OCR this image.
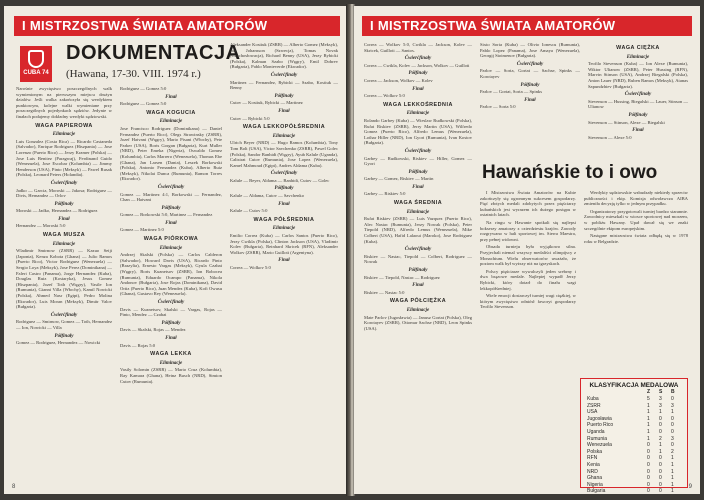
I MISTRZOSTWA ŚWIATA AMATORÓW
CUBA 74
DOKUMENTACJA
(Hawana, 17-30. VIII. 1974 r.)

Narośnie zwycięstwo poszczególnych walk wymienionym na pierwszym miejscu drużyn dzialów. Jeśli walka zakończyła się werdyktem punktowym, kolejne walki wymieniane przy poszczególnych pojedynkach sędziów. Jedynie w finałach podajemy dokładny werdykt sędziowski.

WAGA PAPIEROWA
Eliminacje

Luis Gonzalez (Costa Rica) — Ricardo Castaneda (Salvador), Enrique Rodriguez (Hiszpania) — Jose Lorenzo (Puerto Rico) — Jerzy Kramer (Polska) — Jose Luis Benitez (Paragwaj), Ferdinand Guido (Wenezuela), Jose Escobar (Kolumbia) — Jimmy Henderson (USA), Pinto (Meksyk) — Pawel Rusak (Polska), Leonard Peters (Holandia).

Ćwierćfinały

Jadko — Garcia, Moroski — Jakosa; Rodriguez — Divis, Hernandez — Orlov

Półfinały

Moroski — Jadko, Hernandez — Rodriguez

Finał

Hernandez — Moroski 5:0

WAGA MUSZA
Eliminacje

Wladimir Smirnow (ZSRR) — Kazuo Seiji (Japonia), Kenza Kobota (Ghana) — Julio Ramos (Puerto Rico), Victor Rodriguez (Wenezuela) — Sergio Loya (Meksyk), Jose Perez (Dominikana) — Faleri Castro (Panama), Jorge Hernandez (Kuba), Douglas Ruiz (Kostaryka), Jesus Gomez (Hiszpania), Jozef Toth (Węgry), Vasile Ion (Rumunia), Gianni Villa (Włochy), Kamil Nowicki (Polska), Ahmed Nasr (Egipt), Pedro Molina (Ekwador), Luis Moran (Meksyk), Dimitr Valov (Bułgaria).

Ćwierćfinały

Rodriguez — Smirnow, Gomez — Toth, Hernandez — Ion, Nowicki — Villa

Półfinały

Gomez — Rodriguez, Hernandez — Nowicki

Rodriguez — Gomez 5:0

Finał

Rodriguez — Gomez 5:0

WAGA KOGUCIA
Eliminacje

Jose Francisco Rodriguez (Dominikana) — Daniel Fernandez (Puerto Rico), Olegs Strawinsky (ZSRR), Jozef Hatvani (Węgry), Mario Pisani (Włochy), Pete Parker (USA), Boris Gorgan (Bułgaria), Kurt Muller (NRD), Peter Emeka (Nigeria), Oswaldo Gomez (Kolumbia), Carlos Marrero (Wenezuela), Thomas Ebe (Ghana), Jan Larsen (Dania), Leszek Borkowski (Polska), Antonio Fernandez (Kuba), Alberto Ruiz (Meksyk), Nikolai Dunca (Rumunia), Ramon Torres (Ekwador).

Ćwierćfinały

Gomez — Martinez 4:1, Borkowski — Fernandez, Chan — Hatvani

Półfinały

Gomez — Borkowski 5:0, Martinez — Fernandez

Finał

Gomez — Martinez 5:0

WAGA PIÓRKOWA
Eliminacje

Andrzej Skalski (Polska) — Carlos Calderon (Salwador), Howard Davis (USA), Ricardo Pinto (Brazylia), Ernesto Vargas (Meksyk), Gyula Czabai (Węgry), Boris Kuznetsov (ZSRR), Ion Bobocea (Rumunia), Eduardo Ocampo (Panama), Nikola Andonov (Bułgaria), Jose Rojas (Dominikana), David Ortiz (Puerto Rico), Juan Mendez (Kuba), Kofi Owusu (Ghana), Gustavo Rey (Wenezuela).

Ćwierćfinały

Davis — Kuznetsov, Skalski — Vargas, Rojas — Pinto, Mendez — Czabai

Półfinały

Davis — Skalski, Rojas — Mendez

Finał

Davis — Rojas 5:0

WAGA LEKKA
Eliminacje

Vasily Solomin (ZSRR) — Mario Cruz (Kolumbia), Ray Kamara (Ghana), Heinz Busch (NRD), Simion Cutov (Rumunia).

Aleksander Kostiuk (ZSRR) — Alberto Gomez (Meksyk), Jan Johansson (Szwecja), Tomas Novak (Czechosłowacja), Richard Benny (USA), Jerzy Rybicki (Polska), Kalman Szabo (Węgry), Emil Dobrev (Bułgaria), Pablo Monteverde (Ekwador).

Ćwierćfinały

Martinez — Fernandez, Rybicki — Szabo, Kostiuk — Benny

Półfinały

Cutov — Kostiuk, Rybicki — Martinez

Finał

Cutov — Rybicki 5:0

WAGA LEKKOPÓŁŚREDNIA
Eliminacje

Ulrich Beyer (NRD) — Hugo Ramos (Kolumbia), Tony Tom Bolt (USA), Victor Savchenko (ZSRR), Pawel Golec (Polska), Sandor Banhidi (Węgry), Ayub Kalule (Uganda), Calistrat Cutov (Rumunia), Jose Lopez (Wenezuela), Kamel Mahmoud (Egipt), Andres Aldama (Kuba).

Ćwierćfinały

Kalule — Beyer, Aldama — Banhidi, Cutov — Golec

Półfinały

Kalule — Aldama, Cutov — Savchenko

Finał

Kalule — Cutov 5:0

WAGA PÓŁŚREDNIA
Eliminacje

Emilio Correa (Kuba) — Carlos Santos (Puerto Rico), Jerzy Cwikla (Polska), Clinton Jackson (USA), Vladimir Kolev (Bułgaria), Reinhard Skricek (RFN), Aleksander Wolkov (ZSRR), Mario Guilloti (Argentyna).

Finał

Correa — Wolkov 5:0

8
I MISTRZOSTWA ŚWIATA AMATORÓW

Correa — Wolkov 5:0, Cwikla — Jackson, Kolev — Skricek, Guilloti — Santos.

Ćwierćfinały

Correa — Cwikla, Kolev — Jackson, Wolkov — Guilloti

Półfinały

Correa — Jackson, Wolkov — Kolev

Finał

Correa — Wolkov 5:0

WAGA LEKKOŚREDNIA
Eliminacje

Rolando Garbey (Kuba) — Wieslaw Rudkowski (Polska), Rufat Riskiev (ZSRR), Jerry Martin (USA), Wilfredo Gomez (Puerto Rico), Alfredo Lemus (Wenezuela), Lothar Hiller (NRD), Ion Gyori (Rumunia), Ivan Kostov (Bułgaria).

Ćwierćfinały

Garbey — Rudkowski, Riskiev — Hiller, Gomez — Gyori

Półfinały

Garbey — Gomez, Riskiev — Martin

Finał

Garbey — Riskiev 5:0

WAGA ŚREDNIA
Eliminacje

Rufat Riskiev (ZSRR) — Luis Vazquez (Puerto Rico), Alec Nastac (Rumunia), Jerzy Nowak (Polska), Peter Tiepold (NRD), Alfredo Lemus (Wenezuela), Mike Colbert (USA), Hafid Lalaoui (Maroko), Jose Rodriguez (Kuba).

Ćwierćfinały

Riskiev — Nastac, Tiepold — Colbert, Rodriguez — Nowak

Półfinały

Riskiev — Tiepold, Nastac — Rodriguez

Finał

Riskiev — Nastac 5:0

WAGA PÓŁCIĘŻKA
Eliminacje

Mate Parlov (Jugosławia) — Janusz Gortat (Polska), Oleg Korotayev (ZSRR), Ottomar Sachse (NRD), Leon Spinks (USA).

Sixto Soria (Kuba) — Olivio Ionescu (Rumunia), Pablo Lopez (Panama), Jose Amaya (Wenezuela), Georgij Stoimenov (Bułgaria).

Ćwierćfinały

Parlov — Soria, Gortat — Sachse, Spinks — Korotayev

Półfinały

Parlov — Gortat, Soria — Spinks

Finał

Parlov — Soria 5:0

WAGA CIĘŻKA
Eliminacje

Teofilo Stevenson (Kuba) — Ion Alexe (Rumunia), Wiktor Ulianow (ZSRR), Peter Hussing (RFN), Marvin Stinson (USA), Andrzej Biegalski (Polska), Anton Lauer (NRD), Ruben Ramos (Meksyk), Atanas Sapundzhiev (Bułgaria).

Ćwierćfinały

Stevenson — Hussing, Biegalski — Lauer, Stinson — Ulianow

Półfinały

Stevenson — Stinson, Alexe — Biegalski

Finał

Stevenson — Alexe 5:0

Hawańskie to i owo

I Mistrzostwa Świata Amatorów na Kubie zakończyły się ogromnym sukcesem gospodarzy. Pięć złotych medali zdobytych przez pięściarzy kubańskich jest wyrazem ich dużego postępu w ostatnich latach.

Na ringu w Hawanie spotkali się najlepsi bokserzy amatorzy z czterdziestu krajów. Zawody rozgrywano w hali sportowej im. Sierra Maestra, przy pełnej widowni.

Obsada turnieju była wyjątkowo silna. Przyjechali niemal wszyscy medaliści olimpijscy z Monachium. Wielu obserwatorów uważało, że poziom walk był wyższy niż na igrzyskach.

Polscy pięściarze wywalczyli jeden srebrny i dwa brązowe medale. Najlepiej wypadł Jerzy Rybicki, który dotarł do finału wagi lekkopółśredniej.

Wiele emocji dostarczył turniej wagi ciężkiej, w którym zwycięstwo odniósł faworyt gospodarzy Teofilo Stevenson.

Werdykty sędziowskie wzbudzały niekiedy sprzeciw publiczności i ekip. Komisja odwoławcza AIBA zmieniła decyzję tylko w jednym przypadku.

Organizatorzy przygotowali turniej bardzo starannie. Zawodnicy mieszkali w wiosce sportowej nad morzem, w pobliżu Hawany. Upał dawał się we znaki szczególnie ekipom europejskim.

Następne mistrzostwa świata odbędą się w 1978 roku w Belgradzie.

KLASYFIKACJA MEDALOWA
Z S B
Kuba	5 3 0
ZSRR	1 3 3
USA	1 1 1
Jugosławia	1 0 0
Puerto Rico	1 0 0
Uganda	1 0 0
Rumunia	1 2 3
Wenezuela	0 1 0
Polska	0 1 2
RFN	0 0 1
Kenia	0 0 1
NRD	0 0 1
Ghana	0 0 1
Nigeria	0 0 1
Bułgaria	0 0 1
9
